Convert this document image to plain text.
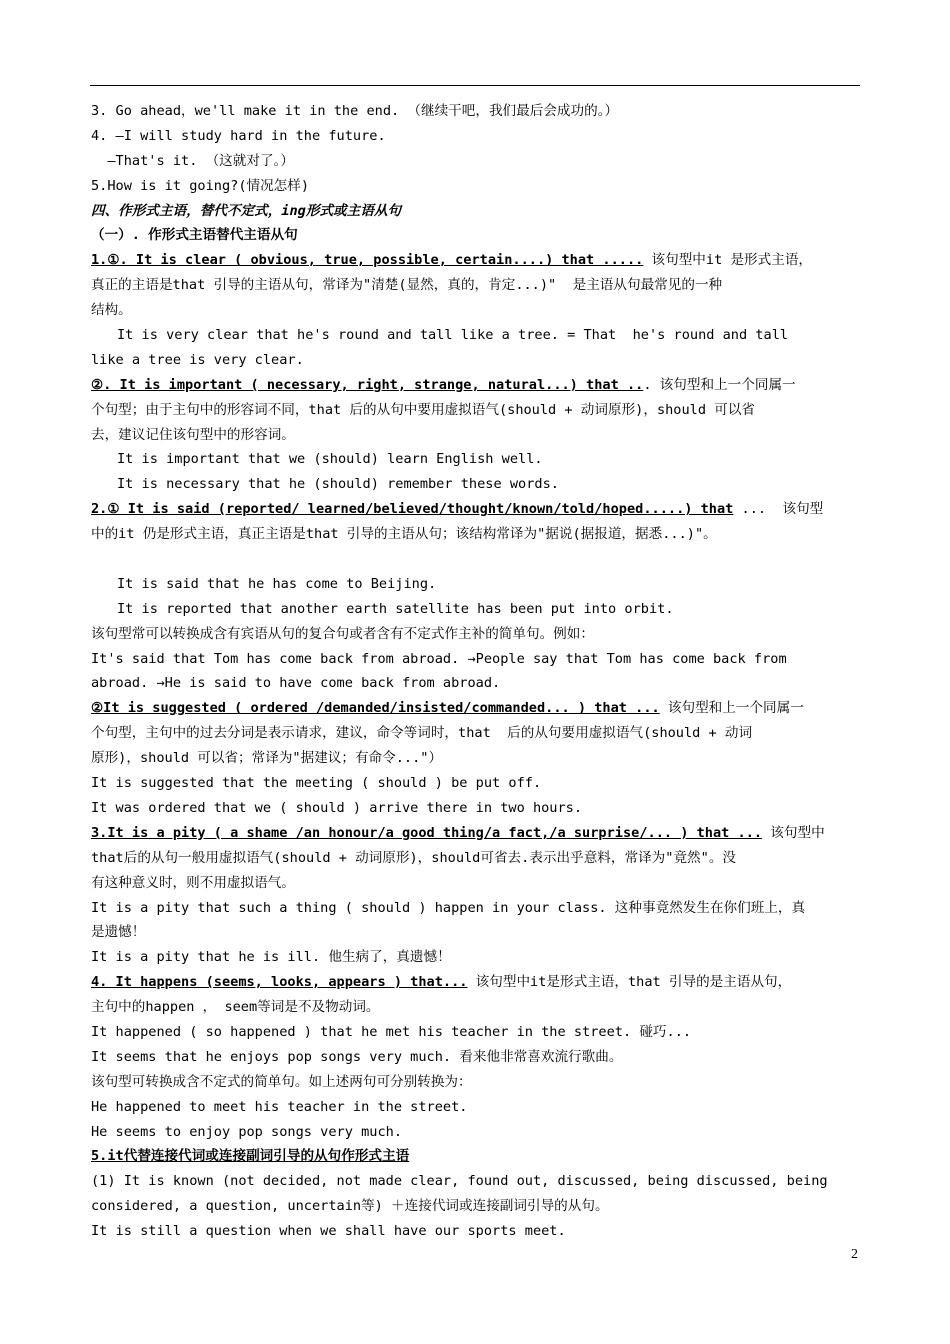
3. Go ahead，we'll make it in the end. （继续干吧，我们最后会成功的。）
4. —I will study hard in the future.
—That's it. （这就对了。）
5.How is it going?(情况怎样)
四、作形式主语，替代不定式，ing形式或主语从句
（一）. 作形式主语替代主语从句
1.①. It is clear ( obvious, true, possible, certain....) that ..... 该句型中it 是形式主语，
真正的主语是that 引导的主语从句，常译为"清楚(显然，真的，肯定...)"  是主语从句最常见的一种
结构。
It is very clear that he's round and tall like a tree. = That  he's round and tall
like a tree is very clear.
②. It is important ( necessary, right, strange, natural...) that ... 该句型和上一个同属一
个句型；由于主句中的形容词不同，that 后的从句中要用虚拟语气(should + 动词原形)，should 可以省
去，建议记住该句型中的形容词。
It is important that we (should) learn English well.
It is necessary that he (should) remember these words.
2.① It is said (reported/ learned/believed/thought/known/told/hoped.....) that ...  该句型
中的it 仍是形式主语，真正主语是that 引导的主语从句；该结构常译为"据说(据报道，据悉...)"。
It is said that he has come to Beijing.
It is reported that another earth satellite has been put into orbit.
该句型常可以转换成含有宾语从句的复合句或者含有不定式作主补的简单句。例如：
It's said that Tom has come back from abroad. →People say that Tom has come back from
abroad. →He is said to have come back from abroad.
②It is suggested ( ordered /demanded/insisted/commanded... ) that ... 该句型和上一个同属一
个句型，主句中的过去分词是表示请求，建议，命令等词时，that  后的从句要用虚拟语气(should + 动词
原形)，should 可以省；常译为"据建议；有命令..."）
It is suggested that the meeting ( should ) be put off.
It was ordered that we ( should ) arrive there in two hours.
3.It is a pity ( a shame /an honour/a good thing/a fact,/a surprise/... ) that ... 该句型中
that后的从句一般用虚拟语气(should + 动词原形)，should可省去.表示出乎意料，常译为"竟然"。没
有这种意义时，则不用虚拟语气。
It is a pity that such a thing ( should ) happen in your class. 这种事竟然发生在你们班上，真
是遗憾！
It is a pity that he is ill. 他生病了，真遗憾！
4. It happens (seems, looks, appears ) that... 该句型中it是形式主语，that 引导的是主语从句，
主句中的happen ， seem等词是不及物动词。
It happened ( so happened ) that he met his teacher in the street. 碰巧...
It seems that he enjoys pop songs very much. 看来他非常喜欢流行歌曲。
该句型可转换成含不定式的简单句。如上述两句可分别转换为：
He happened to meet his teacher in the street.
He seems to enjoy pop songs very much.
5.it代替连接代词或连接副词引导的从句作形式主语
(1) It is known (not decided, not made clear, found out, discussed, being discussed, being
considered, a question, uncertain等) ＋连接代词或连接副词引导的从句。
It is still a question when we shall have our sports meet.
2
